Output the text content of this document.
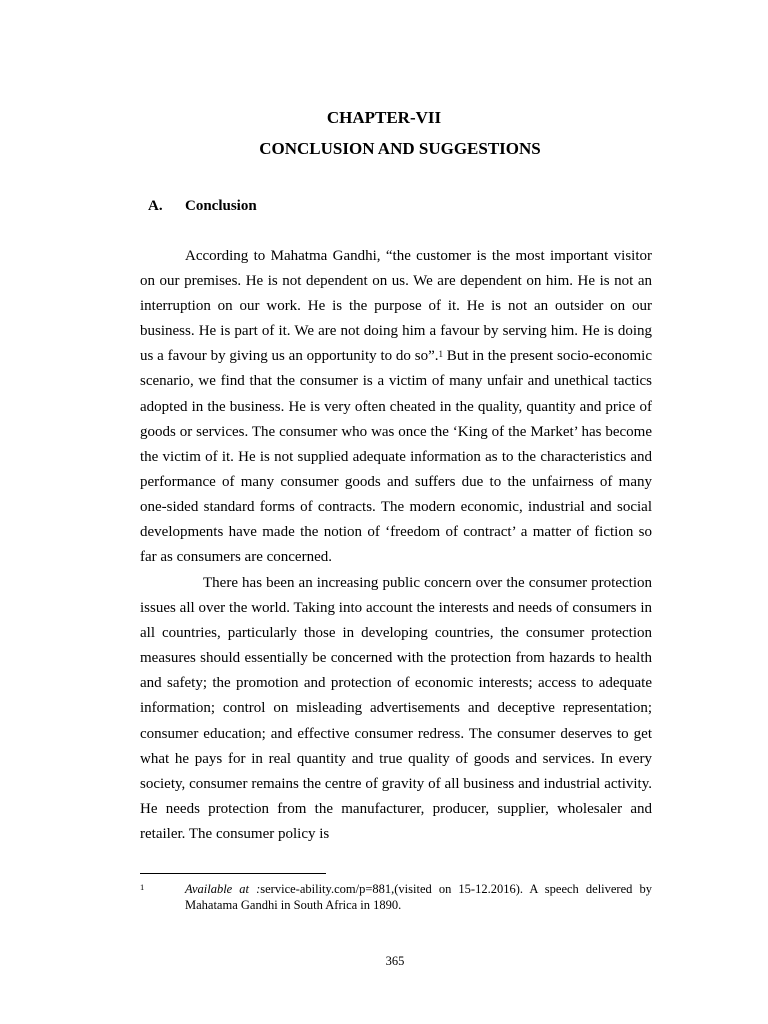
CHAPTER-VII
CONCLUSION AND SUGGESTIONS
A. Conclusion

According to Mahatma Gandhi, “the customer is the most important visitor on our premises. He is not dependent on us. We are dependent on him. He is not an interruption on our work. He is the purpose of it. He is not an outsider on our business. He is part of it. We are not doing him a favour by serving him. He is doing us a favour by giving us an opportunity to do so”.$^1$ But in the present socio-economic scenario, we find that the consumer is a victim of many unfair and unethical tactics adopted in the business. He is very often cheated in the quality, quantity and price of goods or services. The consumer who was once the ‘King of the Market’ has become the victim of it. He is not supplied adequate information as to the characteristics and performance of many consumer goods and suffers due to the unfairness of many one-sided standard forms of contracts. The modern economic, industrial and social developments have made the notion of ‘freedom of contract’ a matter of fiction so far as consumers are concerned.

There has been an increasing public concern over the consumer protection issues all over the world. Taking into account the interests and needs of consumers in all countries, particularly those in developing countries, the consumer protection measures should essentially be concerned with the protection from hazards to health and safety; the promotion and protection of economic interests; access to adequate information; control on misleading advertisements and deceptive representation; consumer education; and effective consumer redress. The consumer deserves to get what he pays for in real quantity and true quality of goods and services. In every society, consumer remains the centre of gravity of all business and industrial activity. He needs protection from the manufacturer, producer, supplier, wholesaler and retailer. The consumer policy is

1	Available at :service-ability.com/p=881,(visited on 15-12.2016). A speech delivered by Mahatama Gandhi in South Africa in 1890.
365
